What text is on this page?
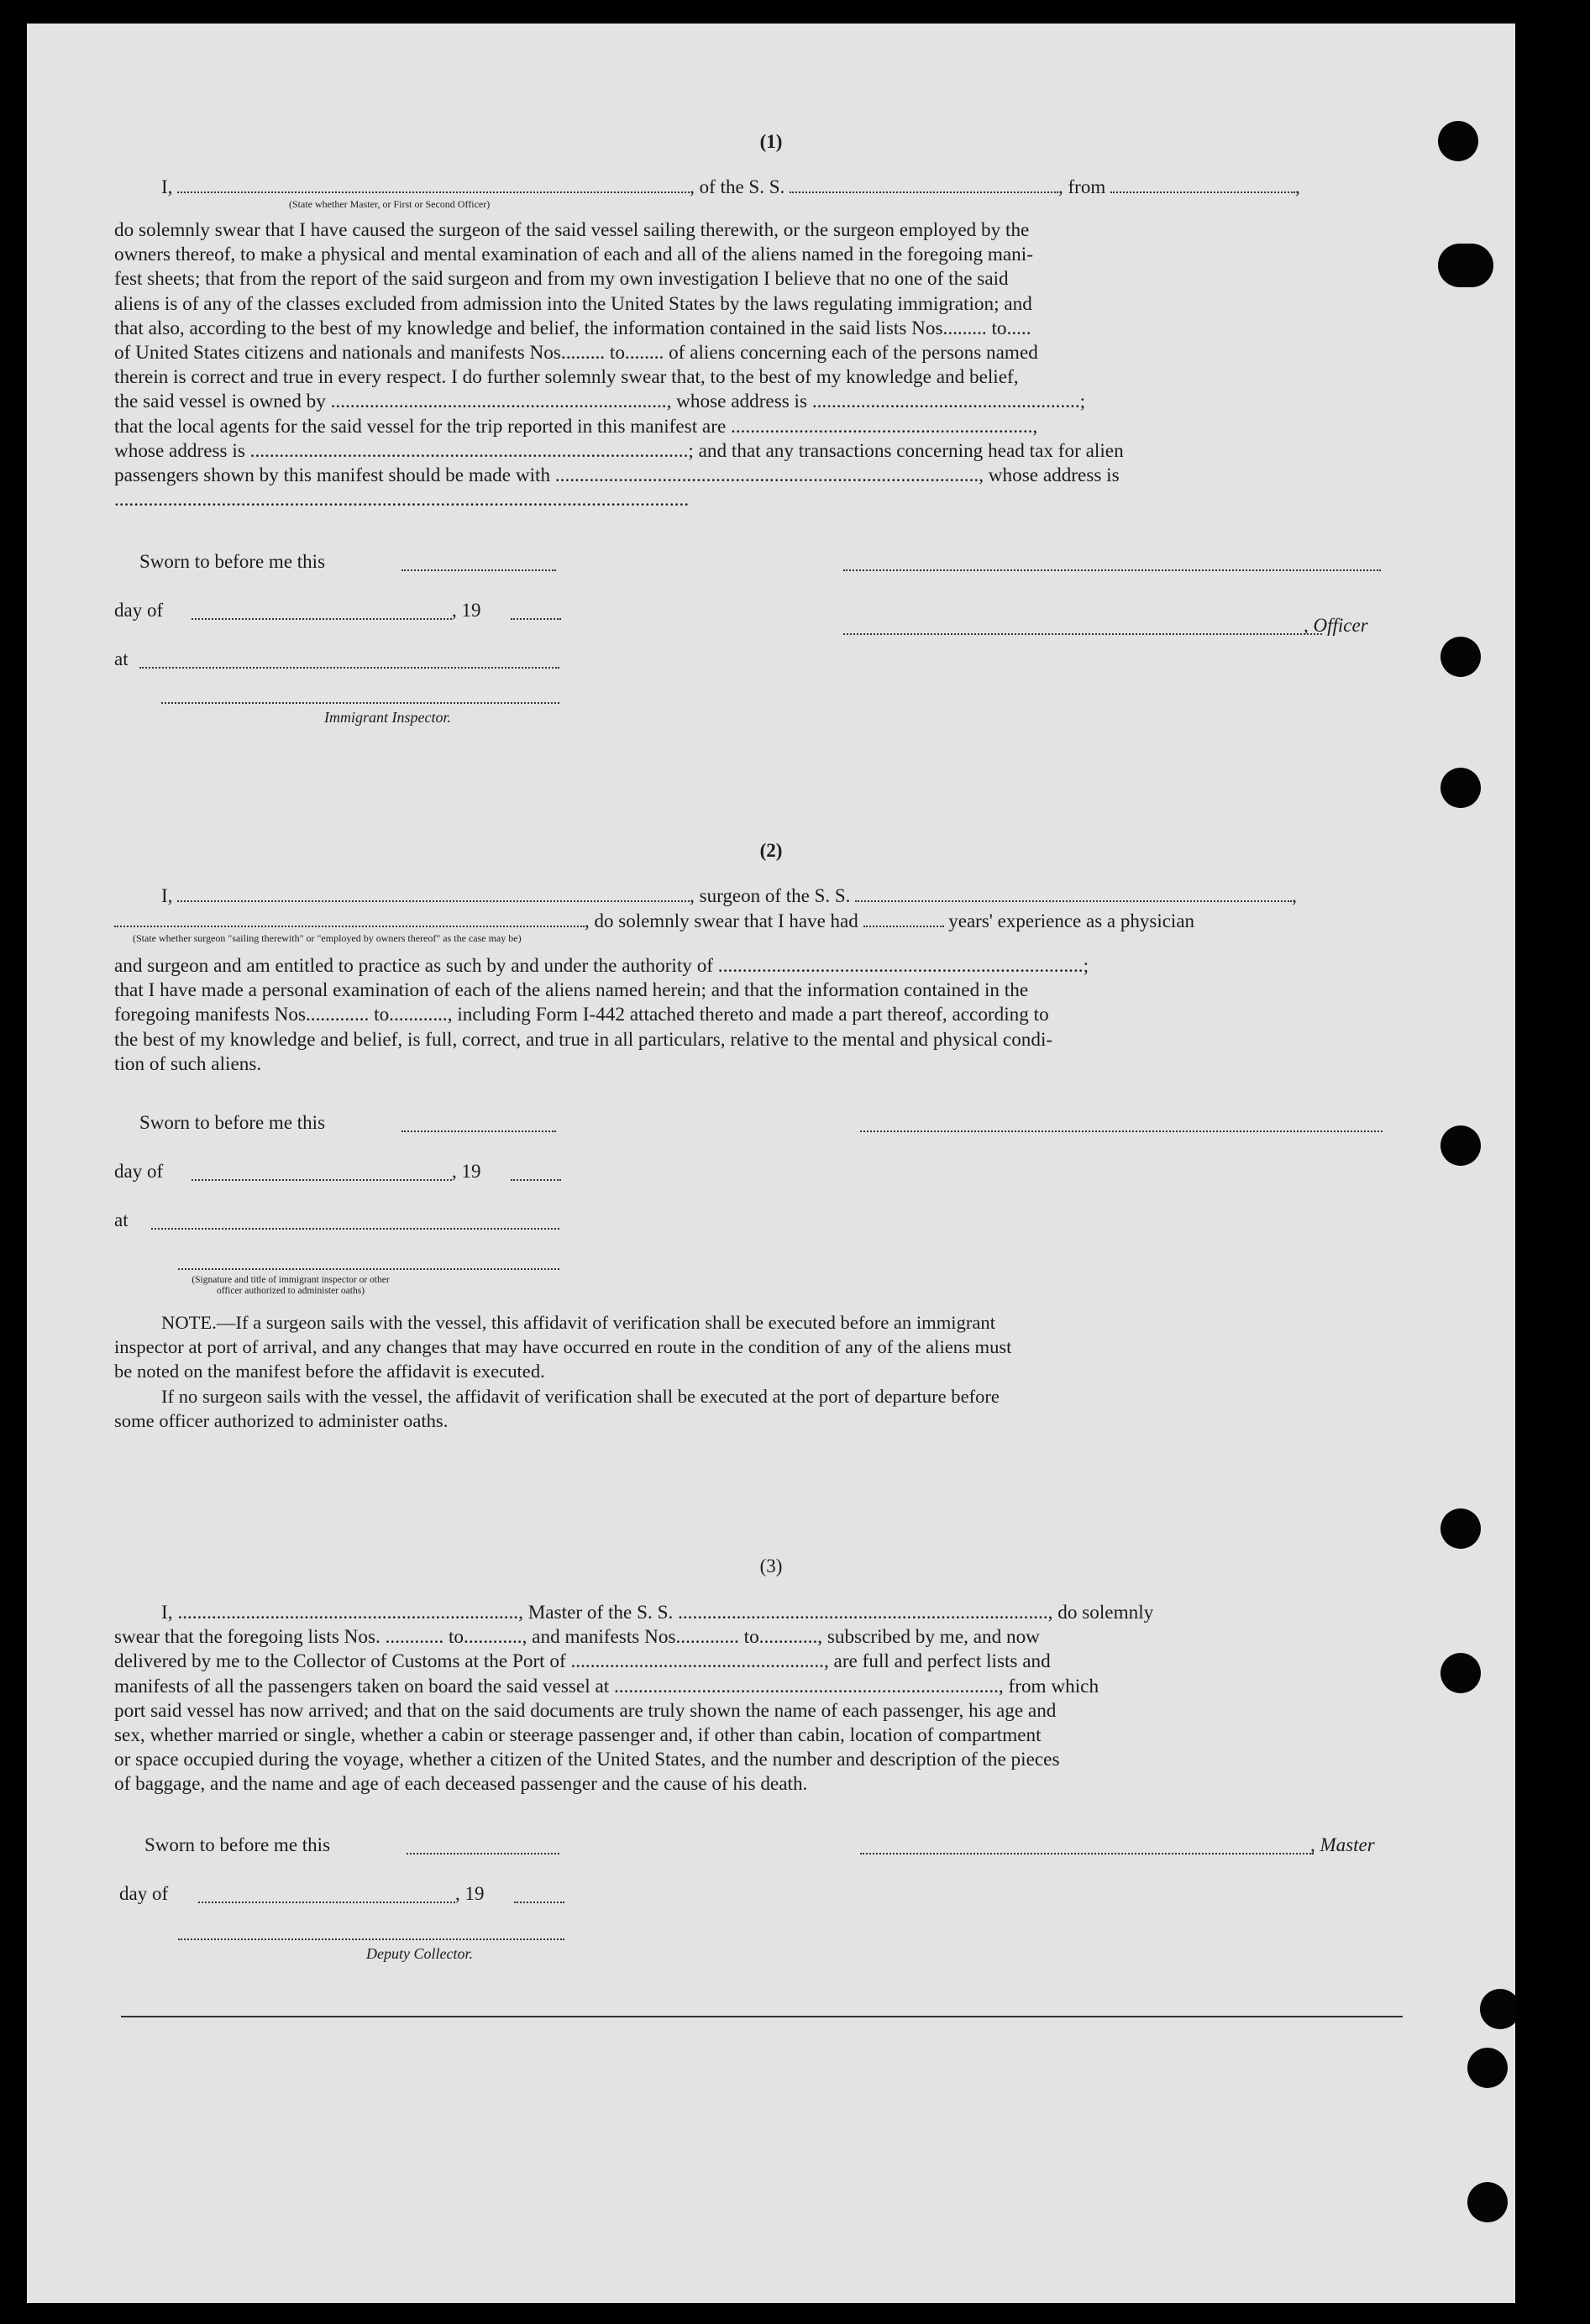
(1)
I,	, of the S. S.	, from	,
(State whether Master, or First or Second Officer)
do solemnly swear that I have caused the surgeon of the said vessel sailing therewith, or the surgeon employed by the
owners thereof, to make a physical and mental examination of each and all of the aliens named in the foregoing mani-
fest sheets; that from the report of the said surgeon and from my own investigation I believe that no one of the said
aliens is of any of the classes excluded from admission into the United States by the laws regulating immigration; and
that also, according to the best of my knowledge and belief, the information contained in the said lists Nos......... to.....
of United States citizens and nationals and manifests Nos......... to........ of aliens concerning each of the persons named
therein is correct and true in every respect. I do further solemnly swear that, to the best of my knowledge and belief,
the said vessel is owned by ....................................................................., whose address is .......................................................;
that the local agents for the said vessel for the trip reported in this manifest are ..............................................................,
whose address is ..........................................................................................; and that any transactions concerning head tax for alien
passengers shown by this manifest should be made with ......................................................................................., whose address is
......................................................................................................................
Sworn to before me this
day of	, 19
, Officer
at
Immigrant Inspector.
(2)
I,	, surgeon of the S. S.	,
, do solemnly swear that I have had	years' experience as a physician
(State whether surgeon "sailing therewith" or "employed by owners thereof" as the case may be)
and surgeon and am entitled to practice as such by and under the authority of ...........................................................................;
that I have made a personal examination of each of the aliens named herein; and that the information contained in the
foregoing manifests Nos............. to............, including Form I-442 attached thereto and made a part thereof, according to
the best of my knowledge and belief, is full, correct, and true in all particulars, relative to the mental and physical condi-
tion of such aliens.
Sworn to before me this
day of	, 19
at
(Signature and title of immigrant inspector or other officer authorized to administer oaths)
NOTE.—If a surgeon sails with the vessel, this affidavit of verification shall be executed before an immigrant
inspector at port of arrival, and any changes that may have occurred en route in the condition of any of the aliens must
be noted on the manifest before the affidavit is executed.
If no surgeon sails with the vessel, the affidavit of verification shall be executed at the port of departure before
some officer authorized to administer oaths.
(3)
I, ......................................................................, Master of the S. S. ............................................................................, do solemnly
swear that the foregoing lists Nos. ............ to............, and manifests Nos............. to............, subscribed by me, and now
delivered by me to the Collector of Customs at the Port of ...................................................., are full and perfect lists and
manifests of all the passengers taken on board the said vessel at ..............................................................................., from which
port said vessel has now arrived; and that on the said documents are truly shown the name of each passenger, his age and
sex, whether married or single, whether a cabin or steerage passenger and, if other than cabin, location of compartment
or space occupied during the voyage, whether a citizen of the United States, and the number and description of the pieces
of baggage, and the name and age of each deceased passenger and the cause of his death.
Sworn to before me this	, Master
day of	, 19
Deputy Collector.
